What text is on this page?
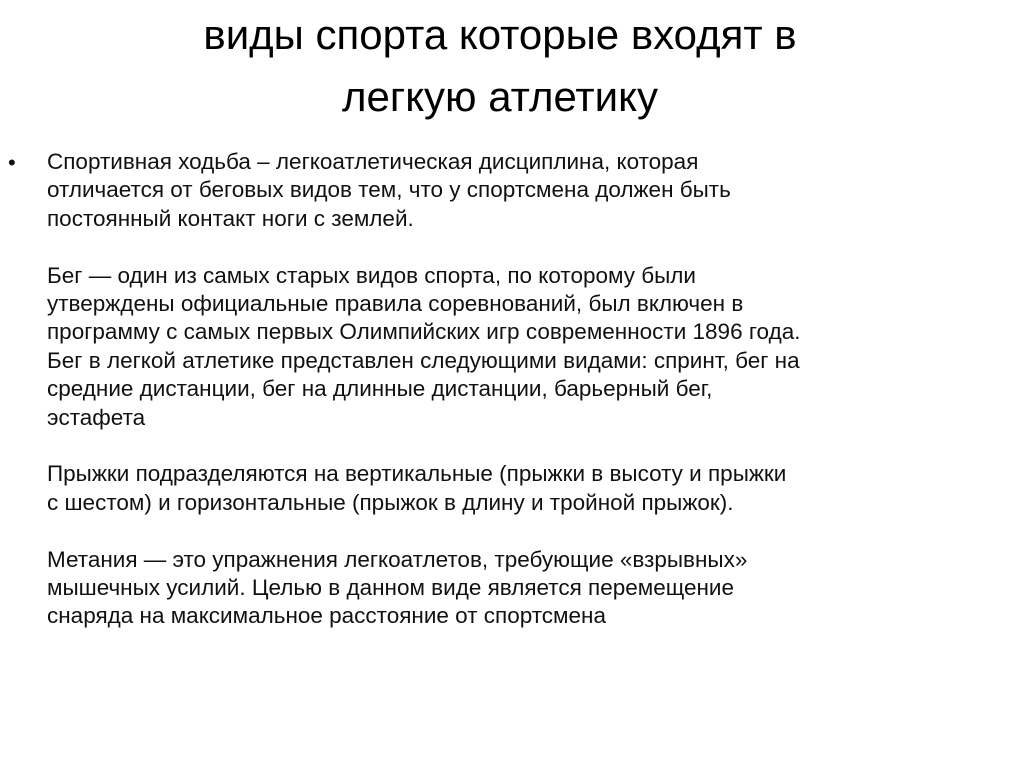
виды спорта которые входят в
легкую атлетику
• Спортивная ходьба – легкоатлетическая дисциплина, которая
отличается от беговых видов тем, что у спортсмена должен быть
постоянный контакт ноги с землей.

Бег — один из самых старых видов спорта, по которому были
утверждены официальные правила соревнований, был включен в
программу с самых первых Олимпийских игр современности 1896 года.
Бег в легкой атлетике представлен следующими видами: спринт, бег на
средние дистанции, бег на длинные дистанции, барьерный бег,
эстафета

Прыжки подразделяются на вертикальные (прыжки в высоту и прыжки
с шестом) и горизонтальные (прыжок в длину и тройной прыжок).

Метания — это упражнения легкоатлетов, требующие «взрывных»
мышечных усилий. Целью в данном виде является перемещение
снаряда на максимальное расстояние от спортсмена
